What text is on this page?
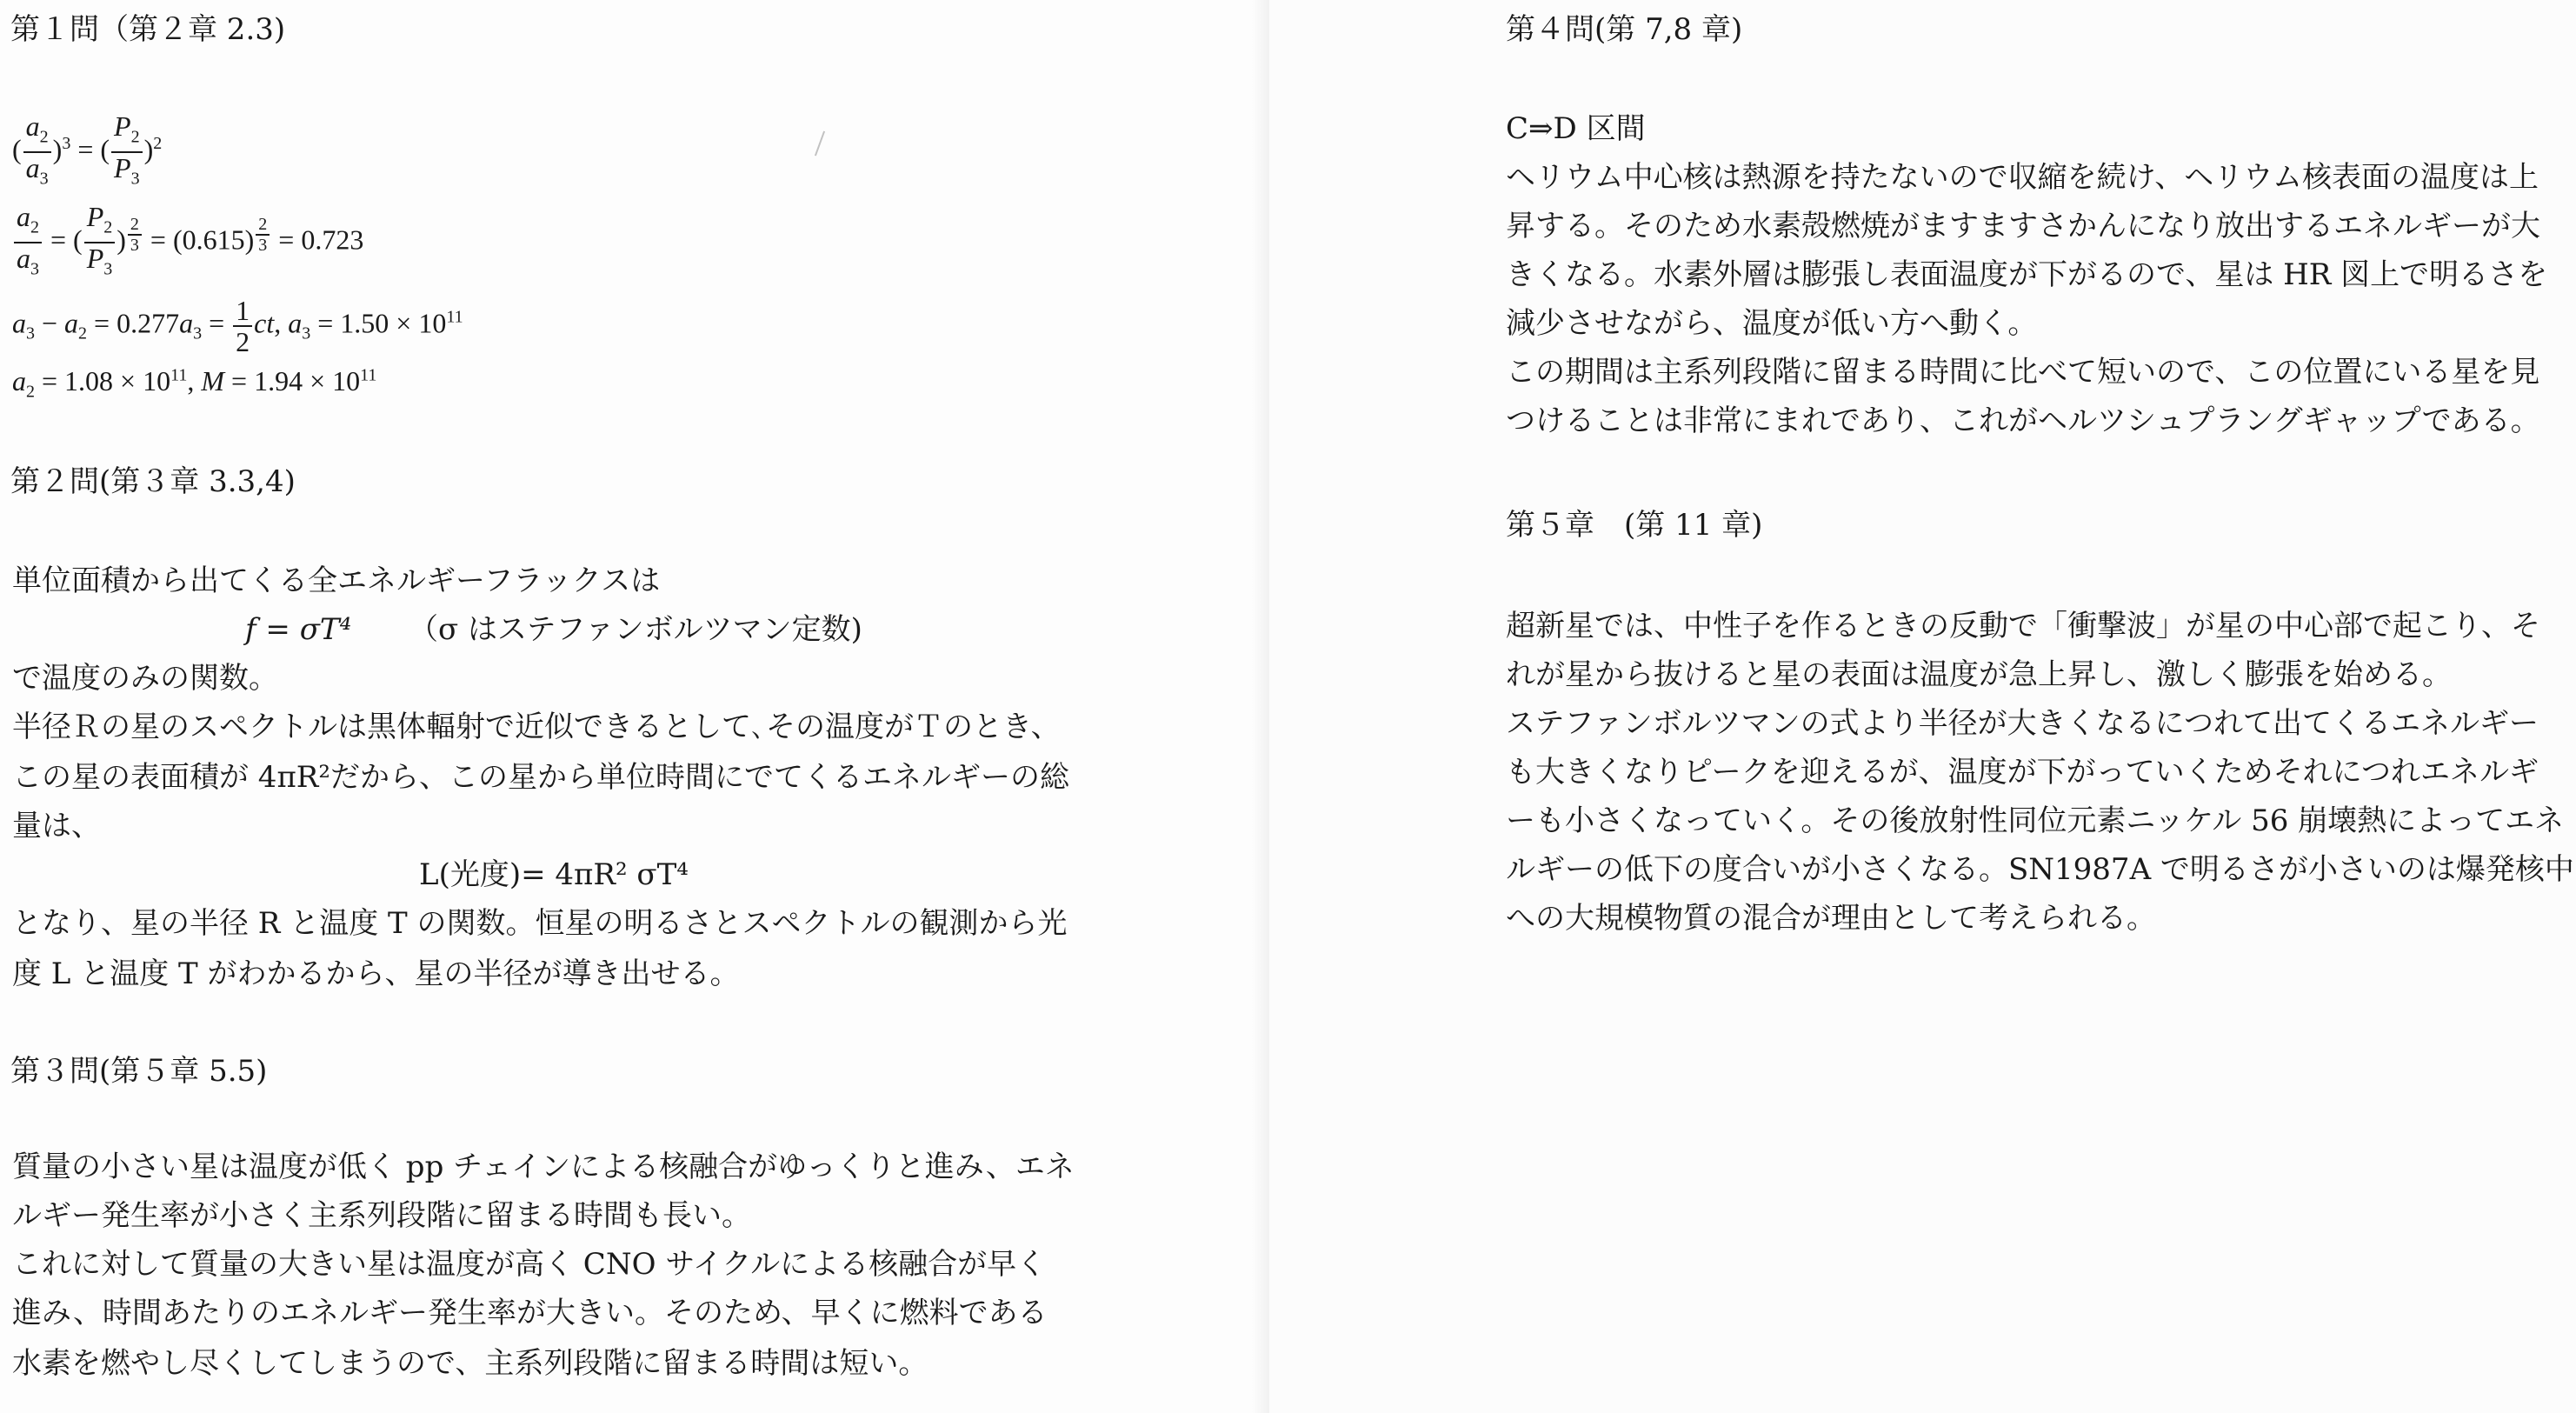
第１問（第２章 2.3)
( $\frac{a_2}{a_3} )^3$ = ( $\frac{P_2}{P_3} )^2$
$\frac{a_2}{a_3}$ = ( $\frac{P_2}{P_3}$ ) $^{\frac{2}{3}}$ = (0.615) $^{\frac{2}{3}}$ = 0.723
$a_3 - a_2 = 0.277a_3 = \frac{1}{2}$ ct, $a_3 = 1.50 \times 10^{11}$
$a_2 = 1.08 \times 10^{11}$, $M = 1.94 \times 10^{11}$
第２問(第３章 3.3,4)
単位面積から出てくる全エネルギーフラックスは
f = σT⁴ （σ はステファンボルツマン定数)
で温度のみの関数。
半径Ｒの星のスペクトルは黒体輻射で近似できるとして､その温度がＴのとき、
この星の表面積が 4πR²だから、この星から単位時間にでてくるエネルギーの総
量は、
L(光度)= 4πR² σT⁴
となり、星の半径 R と温度 T の関数。恒星の明るさとスペクトルの観測から光
度 L と温度 T がわかるから、星の半径が導き出せる。
第３問(第５章 5.5)
質量の小さい星は温度が低く pp チェインによる核融合がゆっくりと進み、エネ
ルギー発生率が小さく主系列段階に留まる時間も長い。
これに対して質量の大きい星は温度が高く CNO サイクルによる核融合が早く
進み、時間あたりのエネルギー発生率が大きい。そのため、早くに燃料である
水素を燃やし尽くしてしまうので、主系列段階に留まる時間は短い。
第４問(第 7,8 章)
C⇒D 区間
ヘリウム中心核は熱源を持たないので収縮を続け、ヘリウム核表面の温度は上
昇する。そのため水素殻燃焼がますますさかんになり放出するエネルギーが大
きくなる。水素外層は膨張し表面温度が下がるので、星は HR 図上で明るさを
減少させながら、温度が低い方へ動く。
この期間は主系列段階に留まる時間に比べて短いので、この位置にいる星を見
つけることは非常にまれであり、これがヘルツシュプラングギャップである。
第５章　(第 11 章)
超新星では、中性子を作るときの反動で「衝撃波」が星の中心部で起こり、そ
れが星から抜けると星の表面は温度が急上昇し、激しく膨張を始める。
ステファンボルツマンの式より半径が大きくなるにつれて出てくるエネルギー
も大きくなりピークを迎えるが、温度が下がっていくためそれにつれエネルギ
ーも小さくなっていく。その後放射性同位元素ニッケル 56 崩壊熱によってエネ
ルギーの低下の度合いが小さくなる。SN1987A で明るさが小さいのは爆発核中
への大規模物質の混合が理由として考えられる。
